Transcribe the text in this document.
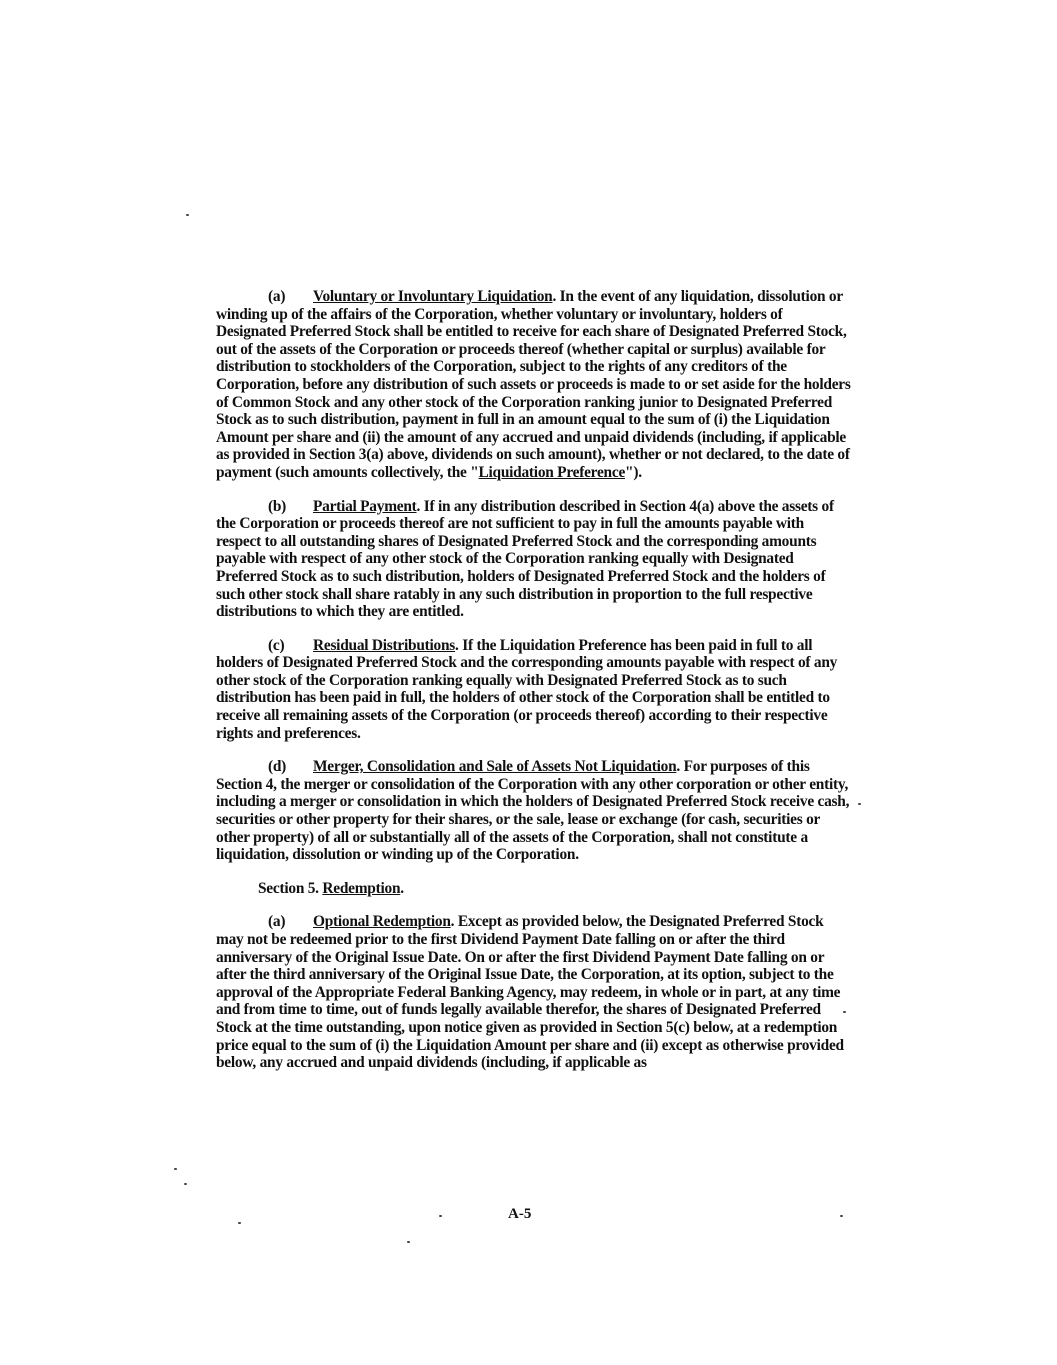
(a) Voluntary or Involuntary Liquidation. In the event of any liquidation, dissolution or winding up of the affairs of the Corporation, whether voluntary or involuntary, holders of Designated Preferred Stock shall be entitled to receive for each share of Designated Preferred Stock, out of the assets of the Corporation or proceeds thereof (whether capital or surplus) available for distribution to stockholders of the Corporation, subject to the rights of any creditors of the Corporation, before any distribution of such assets or proceeds is made to or set aside for the holders of Common Stock and any other stock of the Corporation ranking junior to Designated Preferred Stock as to such distribution, payment in full in an amount equal to the sum of (i) the Liquidation Amount per share and (ii) the amount of any accrued and unpaid dividends (including, if applicable as provided in Section 3(a) above, dividends on such amount), whether or not declared, to the date of payment (such amounts collectively, the "Liquidation Preference").

(b) Partial Payment. If in any distribution described in Section 4(a) above the assets of the Corporation or proceeds thereof are not sufficient to pay in full the amounts payable with respect to all outstanding shares of Designated Preferred Stock and the corresponding amounts payable with respect of any other stock of the Corporation ranking equally with Designated Preferred Stock as to such distribution, holders of Designated Preferred Stock and the holders of such other stock shall share ratably in any such distribution in proportion to the full respective distributions to which they are entitled.

(c) Residual Distributions. If the Liquidation Preference has been paid in full to all holders of Designated Preferred Stock and the corresponding amounts payable with respect of any other stock of the Corporation ranking equally with Designated Preferred Stock as to such distribution has been paid in full, the holders of other stock of the Corporation shall be entitled to receive all remaining assets of the Corporation (or proceeds thereof) according to their respective rights and preferences.

(d) Merger, Consolidation and Sale of Assets Not Liquidation. For purposes of this Section 4, the merger or consolidation of the Corporation with any other corporation or other entity, including a merger or consolidation in which the holders of Designated Preferred Stock receive cash, securities or other property for their shares, or the sale, lease or exchange (for cash, securities or other property) of all or substantially all of the assets of the Corporation, shall not constitute a liquidation, dissolution or winding up of the Corporation.

Section 5. Redemption.

(a) Optional Redemption. Except as provided below, the Designated Preferred Stock may not be redeemed prior to the first Dividend Payment Date falling on or after the third anniversary of the Original Issue Date. On or after the first Dividend Payment Date falling on or after the third anniversary of the Original Issue Date, the Corporation, at its option, subject to the approval of the Appropriate Federal Banking Agency, may redeem, in whole or in part, at any time and from time to time, out of funds legally available therefor, the shares of Designated Preferred Stock at the time outstanding, upon notice given as provided in Section 5(c) below, at a redemption price equal to the sum of (i) the Liquidation Amount per share and (ii) except as otherwise provided below, any accrued and unpaid dividends (including, if applicable as

A-5
